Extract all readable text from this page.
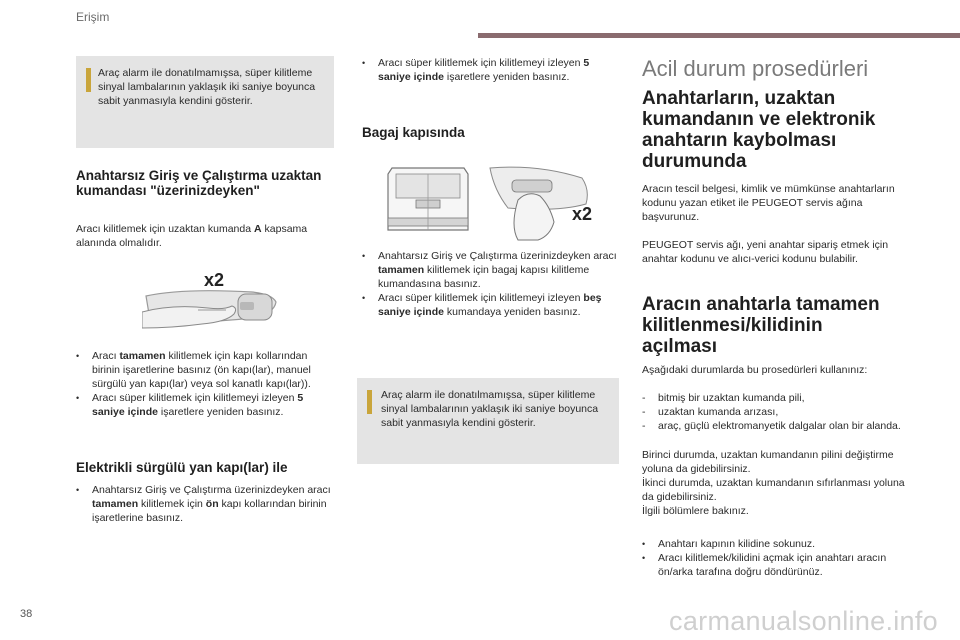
Erişim
Araç alarm ile donatılmamışsa, süper kilitleme sinyal lambalarının yaklaşık iki saniye boyunca sabit yanmasıyla kendini gösterir.
Anahtarsız Giriş ve Çalıştırma uzaktan kumandası "üzerinizdeyken"
Aracı kilitlemek için uzaktan kumanda A kapsama alanında olmalıdır.
x2
• Aracı tamamen kilitlemek için kapı kollarından birinin işaretlerine basınız (ön kapı(lar), manuel sürgülü yan kapı(lar) veya sol kanatlı kapı(lar)).
• Aracı süper kilitlemek için kilitlemeyi izleyen 5 saniye içinde işaretlere yeniden basınız.
Elektrikli sürgülü yan kapı(lar) ile
• Anahtarsız Giriş ve Çalıştırma üzerinizdeyken aracı tamamen kilitlemek için ön kapı kollarından birinin işaretlerine basınız.
• Aracı süper kilitlemek için kilitlemeyi izleyen 5 saniye içinde işaretlere yeniden basınız.
Bagaj kapısında
x2
• Anahtarsız Giriş ve Çalıştırma üzerinizdeyken aracı tamamen kilitlemek için bagaj kapısı kilitleme kumandasına basınız.
• Aracı süper kilitlemek için kilitlemeyi izleyen beş saniye içinde kumandaya yeniden basınız.
Araç alarm ile donatılmamışsa, süper kilitleme sinyal lambalarının yaklaşık iki saniye boyunca sabit yanmasıyla kendini gösterir.
Acil durum prosedürleri
Anahtarların, uzaktan kumandanın ve elektronik anahtarın kaybolması durumunda
Aracın tescil belgesi, kimlik ve mümkünse anahtarların kodunu yazan etiket ile PEUGEOT servis ağına başvurunuz.
PEUGEOT servis ağı, yeni anahtar sipariş etmek için anahtar kodunu ve alıcı-verici kodunu bulabilir.
Aracın anahtarla tamamen kilitlenmesi/kilidinin açılması
Aşağıdaki durumlarda bu prosedürleri kullanınız:
- bitmiş bir uzaktan kumanda pili,
- uzaktan kumanda arızası,
- araç, güçlü elektromanyetik dalgalar olan bir alanda.
Birinci durumda, uzaktan kumandanın pilini değiştirme yoluna da gidebilirsiniz.
İkinci durumda, uzaktan kumandanın sıfırlanması yoluna da gidebilirsiniz.
İlgili bölümlere bakınız.
• Anahtarı kapının kilidine sokunuz.
• Aracı kilitlemek/kilidini açmak için anahtarı aracın ön/arka tarafına doğru döndürünüz.
38	carmanualsonline.info
